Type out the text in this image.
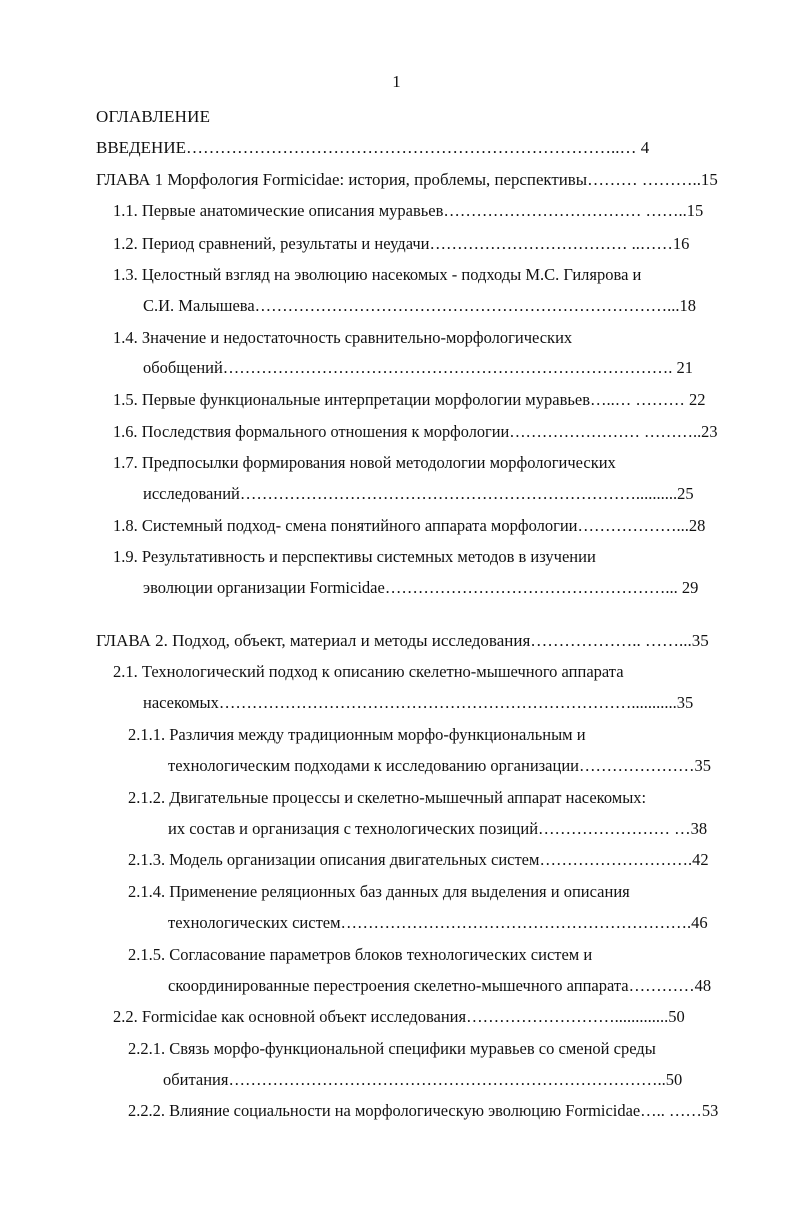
1
ОГЛАВЛЕНИЕ
ВВЕДЕНИЕ…………………………………………………………………..… 4
ГЛАВА 1 Морфология Formicidae: история, проблемы, перспективы……… ………..15
1.1. Первые анатомические описания муравьев……………………………… ……..15
1.2. Период сравнений, результаты и неудачи……………………………… ..……16
1.3. Целостный взгляд на эволюцию насекомых - подходы М.С. Гилярова и
С.И. Малышева…………………………………………………………………...18
1.4. Значение и недостаточность сравнительно-морфологических
обобщений………………………………………………………………………. 21
1.5. Первые функциональные интерпретации морфологии муравьев…..… ……… 22
1.6. Последствия формального отношения к морфологии…………………… ………..23
1.7. Предпосылки формирования новой методологии морфологических
исследований………………………………………………………………..........25
1.8. Системный подход- смена понятийного аппарата морфологии………………...28
1.9. Результативность и перспективы системных методов в изучении
эволюции организации Formicidae……………………………………………... 29
ГЛАВА 2. Подход, объект, материал и методы исследования……………….. ……...35
2.1. Технологический подход к описанию скелетно-мышечного аппарата
насекомых…………………………………………………………………...........35
2.1.1. Различия между традиционным морфо-функциональным и
технологическим подходами к исследованию организации…………………35
2.1.2. Двигательные процессы и скелетно-мышечный аппарат насекомых:
их состав и организация с технологических позиций…………………… …38
2.1.3. Модель организации описания двигательных систем……………………….42
2.1.4. Применение реляционных баз данных для выделения и описания
технологических систем……………………………………………………….46
2.1.5. Согласование параметров блоков технологических систем и
скоординированные перестроения скелетно-мышечного аппарата…………48
2.2. Formicidae как основной объект исследования……………………….............50
2.2.1. Связь морфо-функциональной специфики муравьев со сменой среды
обитания……………………………………………………………………..50
2.2.2. Влияние социальности на морфологическую эволюцию Formicidae….. ……53
